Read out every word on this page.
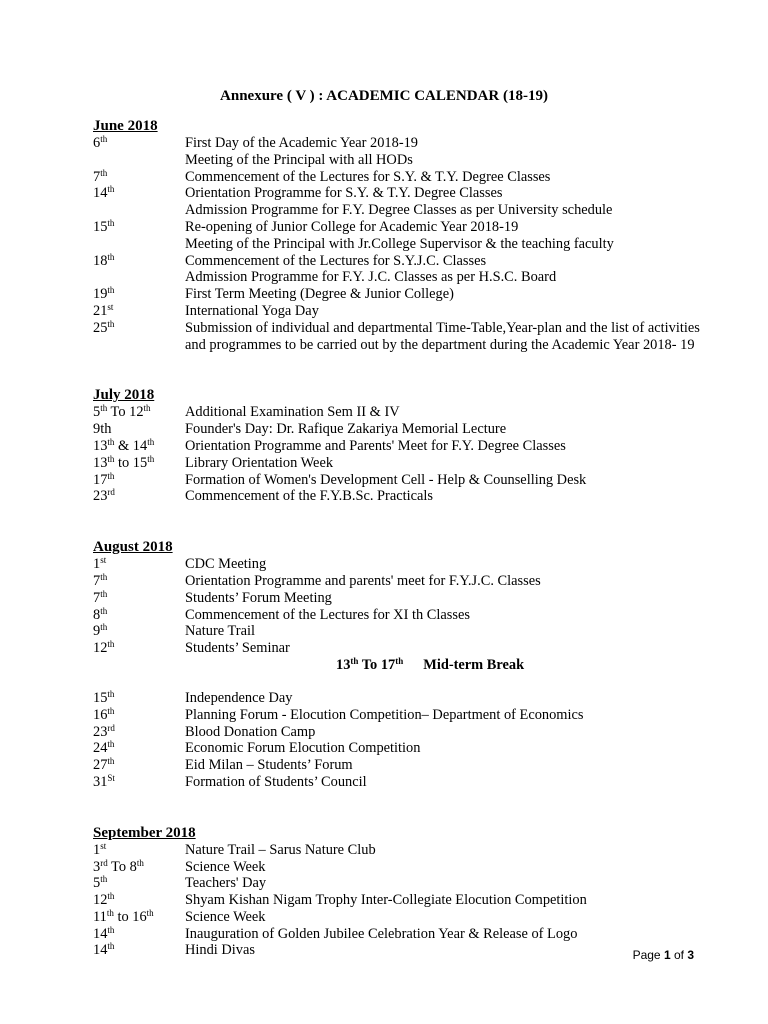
Annexure ( V ) : ACADEMIC CALENDAR (18-19)
June 2018
6th	First Day of the Academic Year 2018-19
Meeting of the Principal with all HODs
7th	Commencement of the Lectures for S.Y. & T.Y. Degree Classes
14th	Orientation Programme for S.Y. & T.Y. Degree Classes
Admission Programme for F.Y. Degree Classes as per University schedule
15th	Re-opening of Junior College for Academic Year 2018-19
Meeting of the Principal with Jr.College Supervisor & the teaching faculty
18th	Commencement of the Lectures for S.Y.J.C. Classes
Admission Programme for F.Y. J.C. Classes as per H.S.C. Board
19th	First Term Meeting (Degree & Junior College)
21st	International Yoga Day
25th	Submission of individual and departmental Time-Table,Year-plan and the list of activities and programmes to be carried out by the department during the Academic Year 2018- 19
July 2018
5th To 12th Additional Examination Sem II & IV
9th	Founder's Day: Dr. Rafique Zakariya Memorial Lecture
13th & 14th Orientation Programme and Parents' Meet for F.Y. Degree Classes
13th to 15th Library Orientation Week
17th	Formation of Women's Development Cell - Help & Counselling Desk
23rd	Commencement of the F.Y.B.Sc. Practicals
August 2018
1st	CDC Meeting
7th	Orientation Programme and parents' meet for F.Y.J.C. Classes
7th	Students’ Forum Meeting
8th	Commencement of the Lectures for XI th Classes
9th	Nature Trail
12th	Students’ Seminar
13th To 17th Mid-term Break
15th	Independence Day
16th	Planning Forum - Elocution Competition– Department of Economics
23rd	Blood Donation Camp
24th	Economic Forum Elocution Competition
27th	Eid Milan – Students’ Forum
31St	Formation of Students’ Council
September 2018
1st	Nature Trail – Sarus Nature Club
3rd To 8th	Science Week
5th	Teachers' Day
12th	Shyam Kishan Nigam Trophy Inter-Collegiate Elocution Competition
11th to 16th Science Week
14th	Inauguration of Golden Jubilee Celebration Year & Release of Logo
14th	Hindi Divas	Page 1 of 3
